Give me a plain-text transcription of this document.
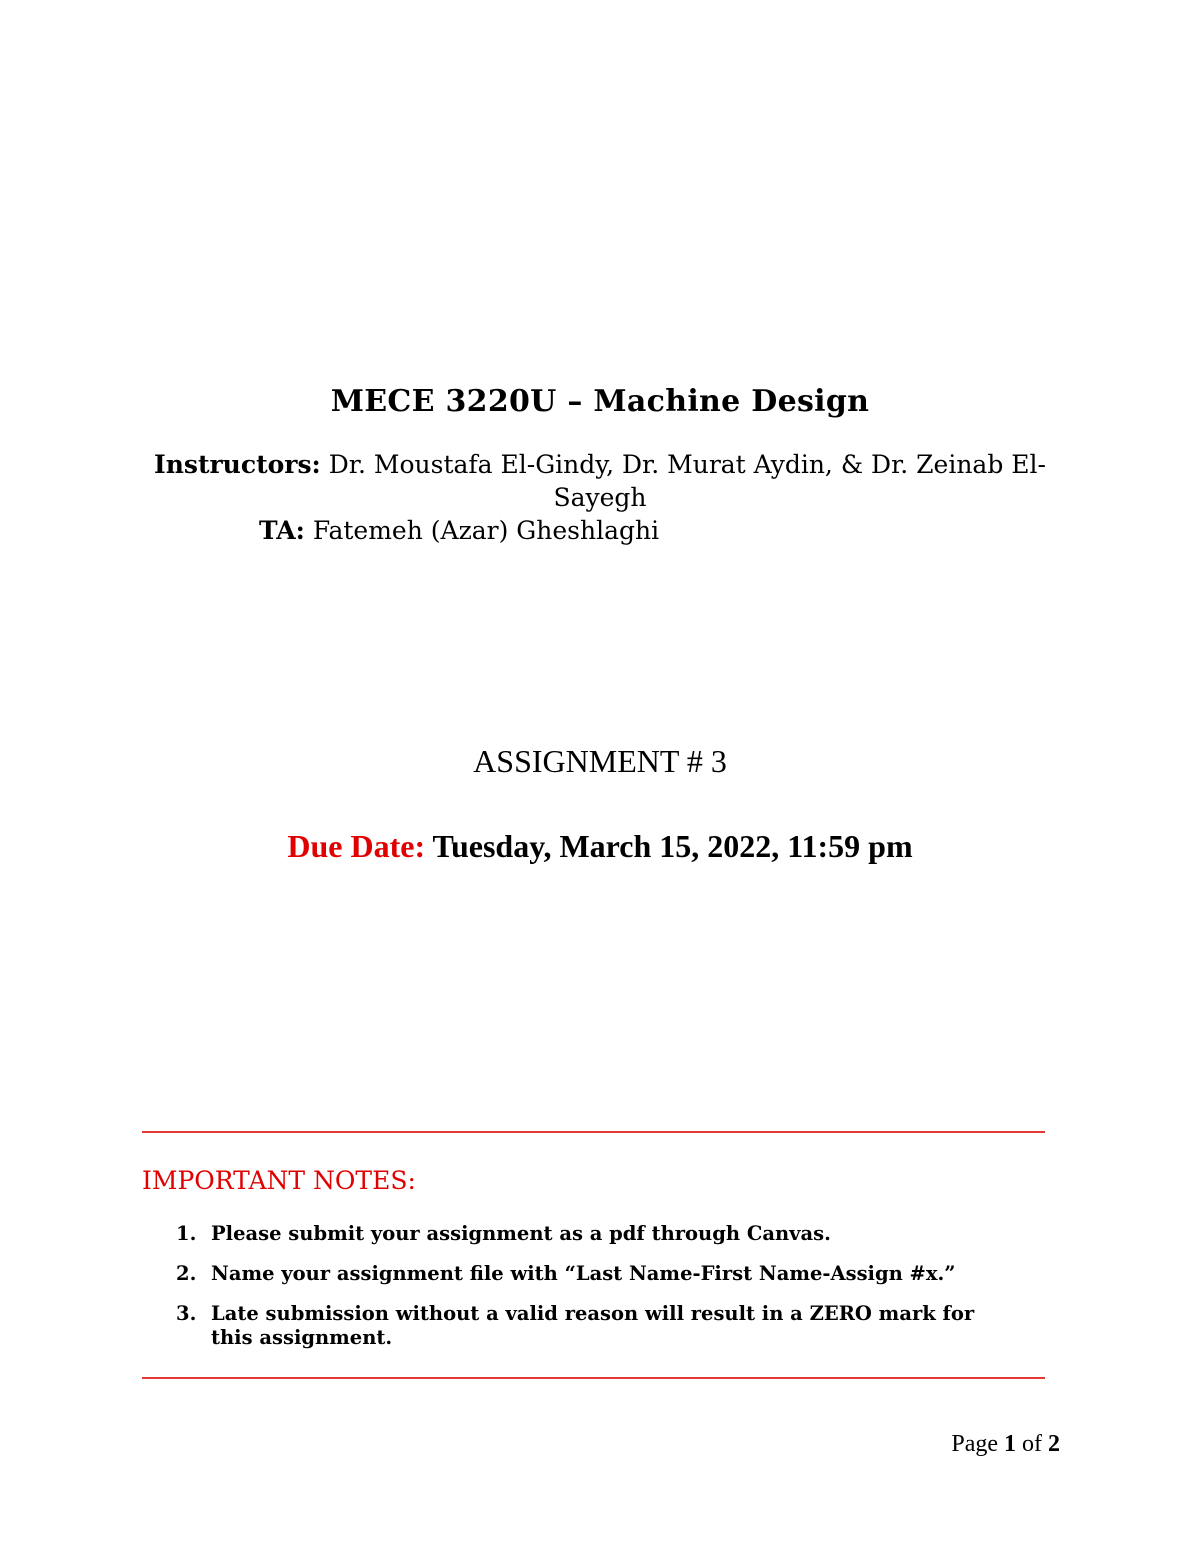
MECE 3220U – Machine Design
Instructors: Dr. Moustafa El-Gindy, Dr. Murat Aydin, & Dr. Zeinab El-Sayegh
TA: Fatemeh (Azar) Gheshlaghi
ASSIGNMENT # 3
Due Date: Tuesday, March 15, 2022, 11:59 pm
IMPORTANT NOTES:
1. Please submit your assignment as a pdf through Canvas.
2. Name your assignment file with “Last Name-First Name-Assign #x.”
3. Late submission without a valid reason will result in a ZERO mark for this assignment.
Page 1 of 2
